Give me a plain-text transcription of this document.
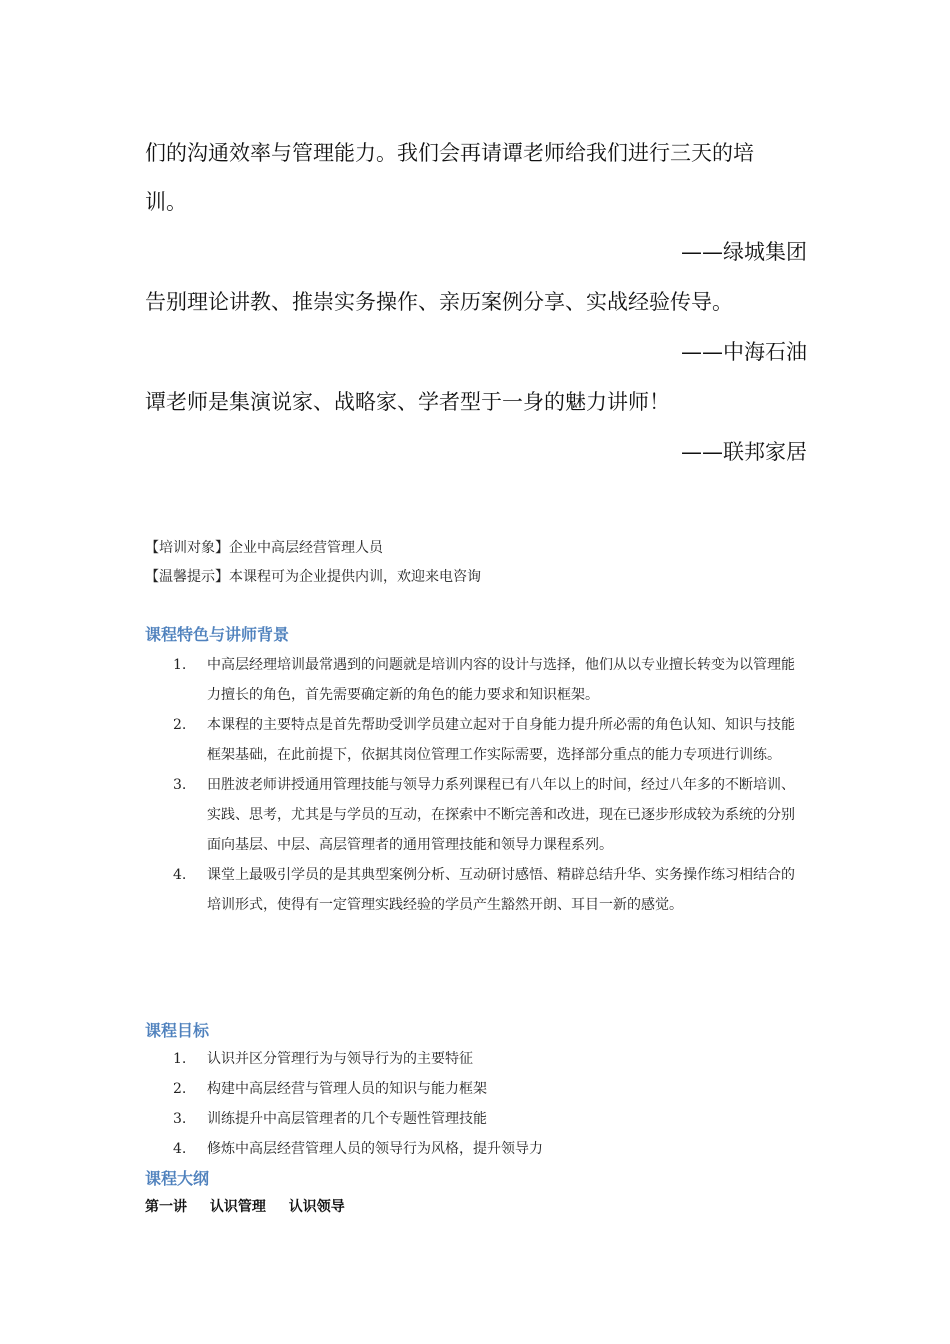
们的沟通效率与管理能力。我们会再请谭老师给我们进行三天的培

训。

——绿城集团

告别理论讲教、推崇实务操作、亲历案例分享、实战经验传导。

——中海石油

谭老师是集演说家、战略家、学者型于一身的魅力讲师！

——联邦家居

【培训对象】企业中高层经营管理人员

【温馨提示】本课程可为企业提供内训，欢迎来电咨询

课程特色与讲师背景
1. 中高层经理培训最常遇到的问题就是培训内容的设计与选择，他们从以专业擅长转变为以管理能力擅长的角色，首先需要确定新的角色的能力要求和知识框架。
2. 本课程的主要特点是首先帮助受训学员建立起对于自身能力提升所必需的角色认知、知识与技能框架基础，在此前提下，依据其岗位管理工作实际需要，选择部分重点的能力专项进行训练。
3. 田胜波老师讲授通用管理技能与领导力系列课程已有八年以上的时间，经过八年多的不断培训、实践、思考，尤其是与学员的互动，在探索中不断完善和改进，现在已逐步形成较为系统的分别面向基层、中层、高层管理者的通用管理技能和领导力课程系列。
4. 课堂上最吸引学员的是其典型案例分析、互动研讨感悟、精辟总结升华、实务操作练习相结合的培训形式，使得有一定管理实践经验的学员产生豁然开朗、耳目一新的感觉。
课程目标
1. 认识并区分管理行为与领导行为的主要特征
2. 构建中高层经营与管理人员的知识与能力框架
3. 训练提升中高层管理者的几个专题性管理技能
4. 修炼中高层经营管理人员的领导行为风格，提升领导力
课程大纲
第一讲 认识管理 认识领导
